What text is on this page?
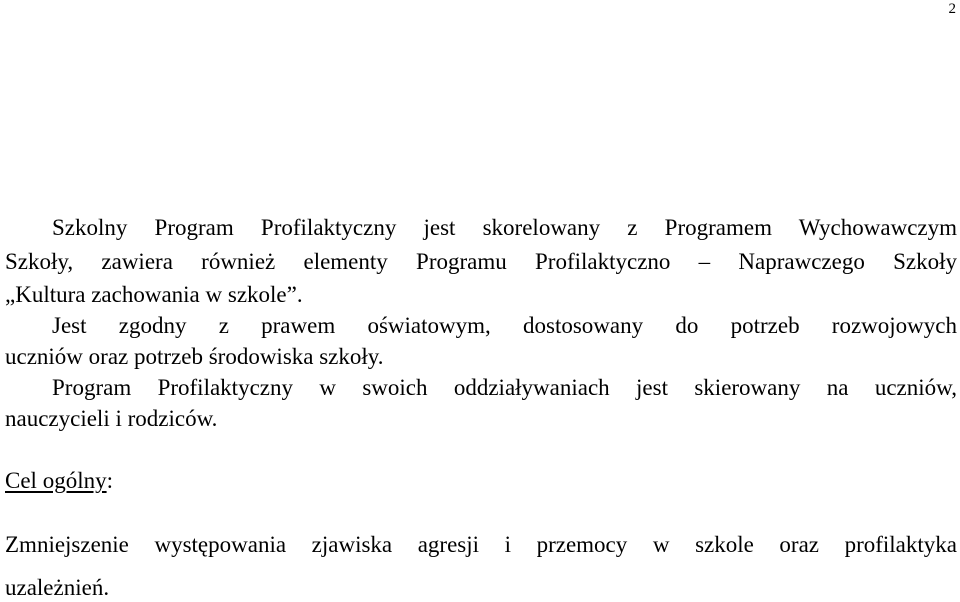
2
Szkolny Program Profilaktyczny jest skorelowany z Programem Wychowawczym
Szkoły, zawiera również elementy Programu Profilaktyczno – Naprawczego Szkoły
„Kultura zachowania w szkole”.
Jest zgodny z prawem oświatowym, dostosowany do potrzeb rozwojowych
uczniów oraz potrzeb środowiska szkoły.
Program Profilaktyczny w swoich oddziaływaniach jest skierowany na uczniów,
nauczycieli i rodziców.
Cel ogólny:
Zmniejszenie występowania zjawiska agresji i przemocy w szkole oraz profilaktyka
uzależnień.
